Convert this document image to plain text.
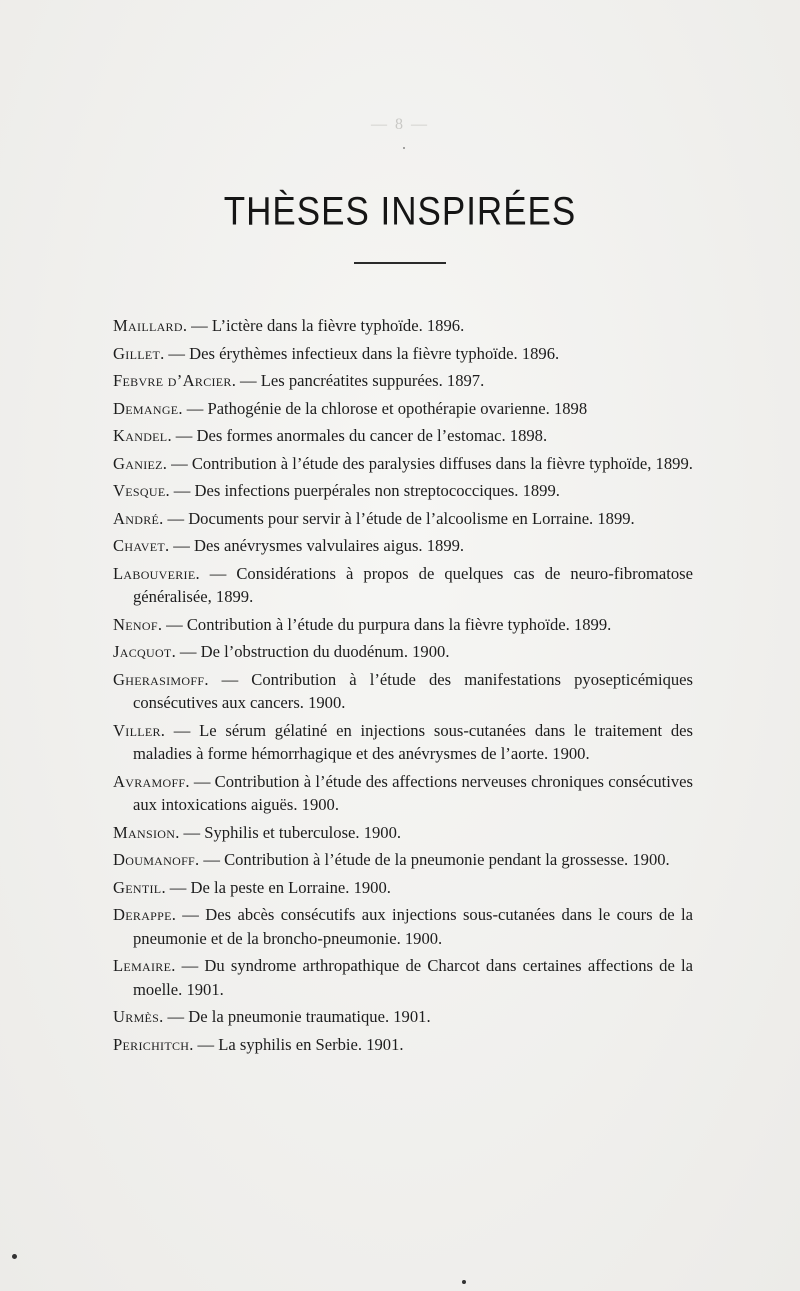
— 8 —
THÈSES INSPIRÉES
Maillard. — L’ictère dans la fièvre typhoïde. 1896.
Gillet. — Des érythèmes infectieux dans la fièvre typhoïde. 1896.
Febvre d’Arcier. — Les pancréatites suppurées. 1897.
Demange. — Pathogénie de la chlorose et opothérapie ovarienne. 1898
Kandel. — Des formes anormales du cancer de l’estomac. 1898.
Ganiez. — Contribution à l’étude des paralysies diffuses dans la fièvre typhoïde, 1899.
Vesque. — Des infections puerpérales non streptococciques. 1899.
André. — Documents pour servir à l’étude de l’alcoolisme en Lorraine. 1899.
Chavet. — Des anévrysmes valvulaires aigus. 1899.
Labouverie. — Considérations à propos de quelques cas de neuro-fibromatose généralisée, 1899.
Nenof. — Contribution à l’étude du purpura dans la fièvre typhoïde. 1899.
Jacquot. — De l’obstruction du duodénum. 1900.
Gherasimoff. — Contribution à l’étude des manifestations pyosepticémiques consécutives aux cancers. 1900.
Viller. — Le sérum gélatiné en injections sous-cutanées dans le traitement des maladies à forme hémorrhagique et des anévrysmes de l’aorte. 1900.
Avramoff. — Contribution à l’étude des affections nerveuses chroniques consécutives aux intoxications aiguës. 1900.
Mansion. — Syphilis et tuberculose. 1900.
Doumanoff. — Contribution à l’étude de la pneumonie pendant la grossesse. 1900.
Gentil. — De la peste en Lorraine. 1900.
Derappe. — Des abcès consécutifs aux injections sous-cutanées dans le cours de la pneumonie et de la broncho-pneumonie. 1900.
Lemaire. — Du syndrome arthropathique de Charcot dans certaines affections de la moelle. 1901.
Urmès. — De la pneumonie traumatique. 1901.
Perichitch. — La syphilis en Serbie. 1901.
